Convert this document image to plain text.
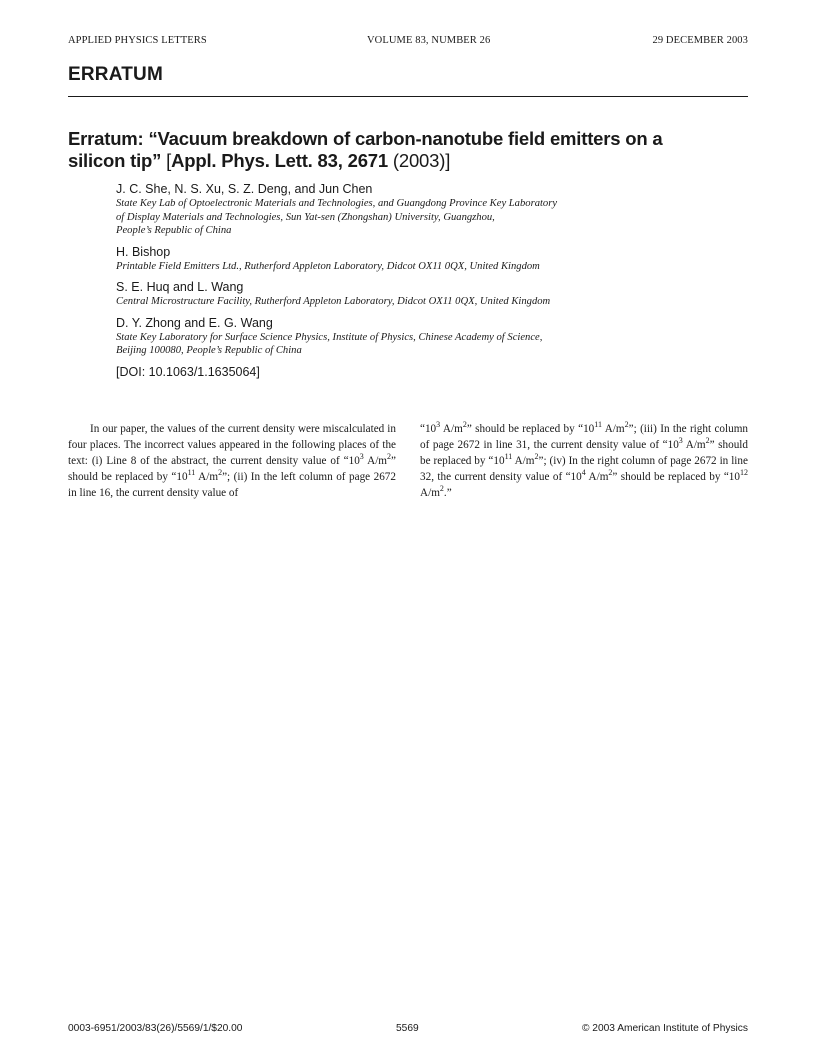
APPLIED PHYSICS LETTERS	VOLUME 83, NUMBER 26	29 DECEMBER 2003
ERRATUM
Erratum: “Vacuum breakdown of carbon-nanotube field emitters on a silicon tip” [Appl. Phys. Lett. 83, 2671 (2003)]
J. C. She, N. S. Xu, S. Z. Deng, and Jun Chen
State Key Lab of Optoelectronic Materials and Technologies, and Guangdong Province Key Laboratory
of Display Materials and Technologies, Sun Yat-sen (Zhongshan) University, Guangzhou,
People’s Republic of China
H. Bishop
Printable Field Emitters Ltd., Rutherford Appleton Laboratory, Didcot OX11 0QX, United Kingdom
S. E. Huq and L. Wang
Central Microstructure Facility, Rutherford Appleton Laboratory, Didcot OX11 0QX, United Kingdom
D. Y. Zhong and E. G. Wang
State Key Laboratory for Surface Science Physics, Institute of Physics, Chinese Academy of Science,
Beijing 100080, People’s Republic of China
[DOI: 10.1063/1.1635064]

In our paper, the values of the current density were miscalculated in four places. The incorrect values appeared in the following places of the text: (i) Line 8 of the abstract, the current density value of “$10^3$ $A/m^2$” should be replaced by “$10^{11}$ $A/m^2$”; (ii) In the left column of page 2672 in line 16, the current density value of

“$10^3$ $A/m^2$” should be replaced by “$10^{11}$ $A/m^2$”; (iii) In the right column of page 2672 in line 31, the current density value of “$10^3$ $A/m^2$” should be replaced by “$10^{11}$ $A/m^2$”; (iv) In the right column of page 2672 in line 32, the current density value of “$10^4$ $A/m^2$” should be replaced by “$10^{12}$ $A/m^2$.”

0003-6951/2003/83(26)/5569/1/$20.00	5569	© 2003 American Institute of Physics
